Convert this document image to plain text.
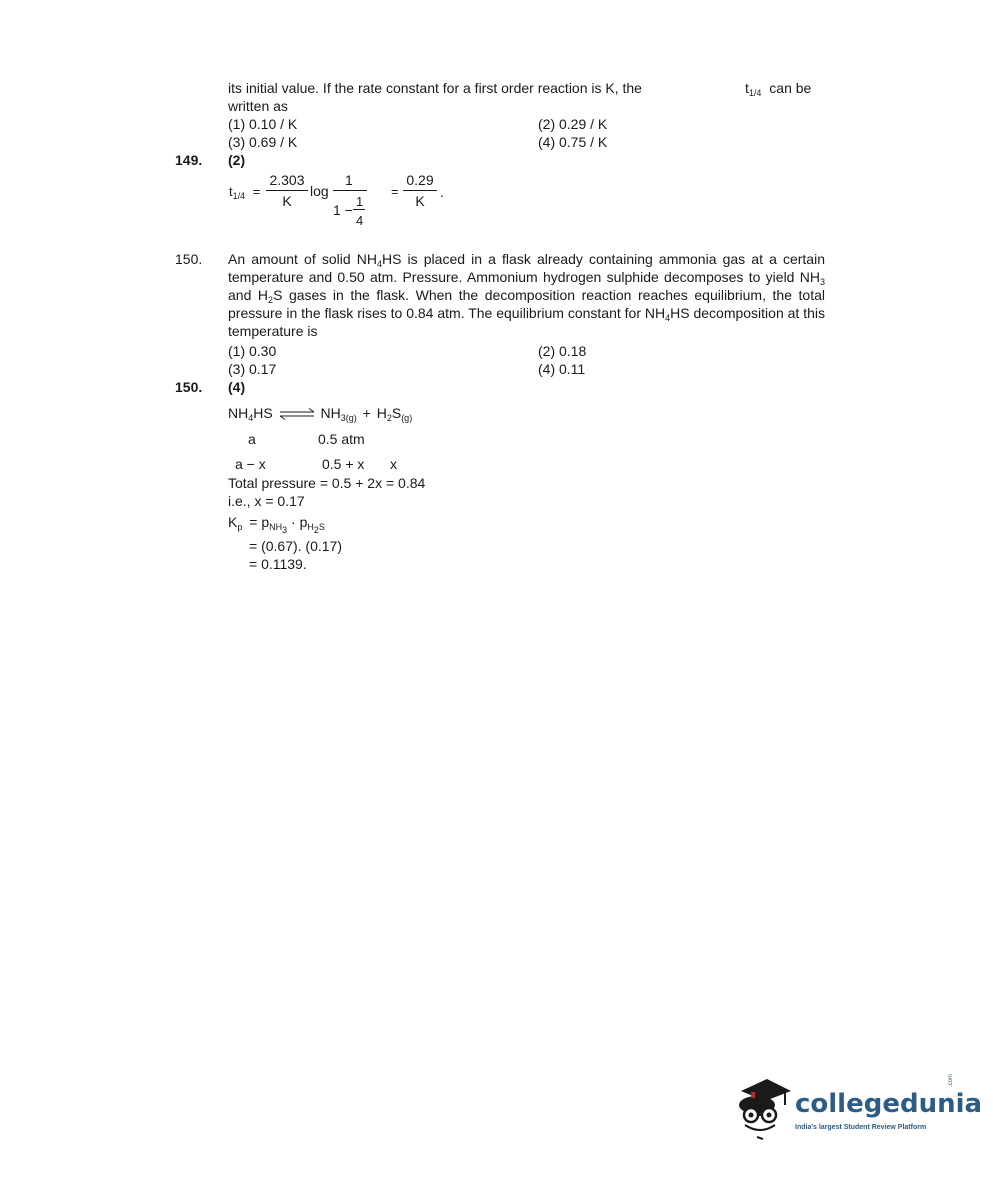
its initial value. If the rate constant for a first order reaction is K, the	$t_{1/4}$ can be
written as
(1) 0.10 / K	(2) 0.29 / K
(3) 0.69 / K	(4) 0.75 / K
149. (2)
$t_{1/4}$ =
2.303
K
log
1
1 −
1
4
=
0.29
K
.
150. An amount of solid $NH_4HS$ is placed in a flask already containing ammonia gas at a certain temperature and 0.50 atm. Pressure. Ammonium hydrogen sulphide decomposes to yield $NH_3$ and $H_2S$ gases in the flask. When the decomposition reaction reaches equilibrium, the total pressure in the flask rises to 0.84 atm. The equilibrium constant for $NH_4HS$ decomposition at this temperature is
(1) 0.30	(2) 0.18
(3) 0.17	(4) 0.11
150. (4)
$NH_4HS$ ⇌ $NH_{3(g)} + H_2S_{(g)}$
a	0.5 atm
a − x	0.5 + x x
Total pressure = 0.5 + 2x = 0.84
i.e., x = 0.17
$K_p = p_{NH_3} \cdot p_{H_2S}$
= (0.67). (0.17)
= 0.1139.
collegedunia
.com
India's largest Student Review Platform
